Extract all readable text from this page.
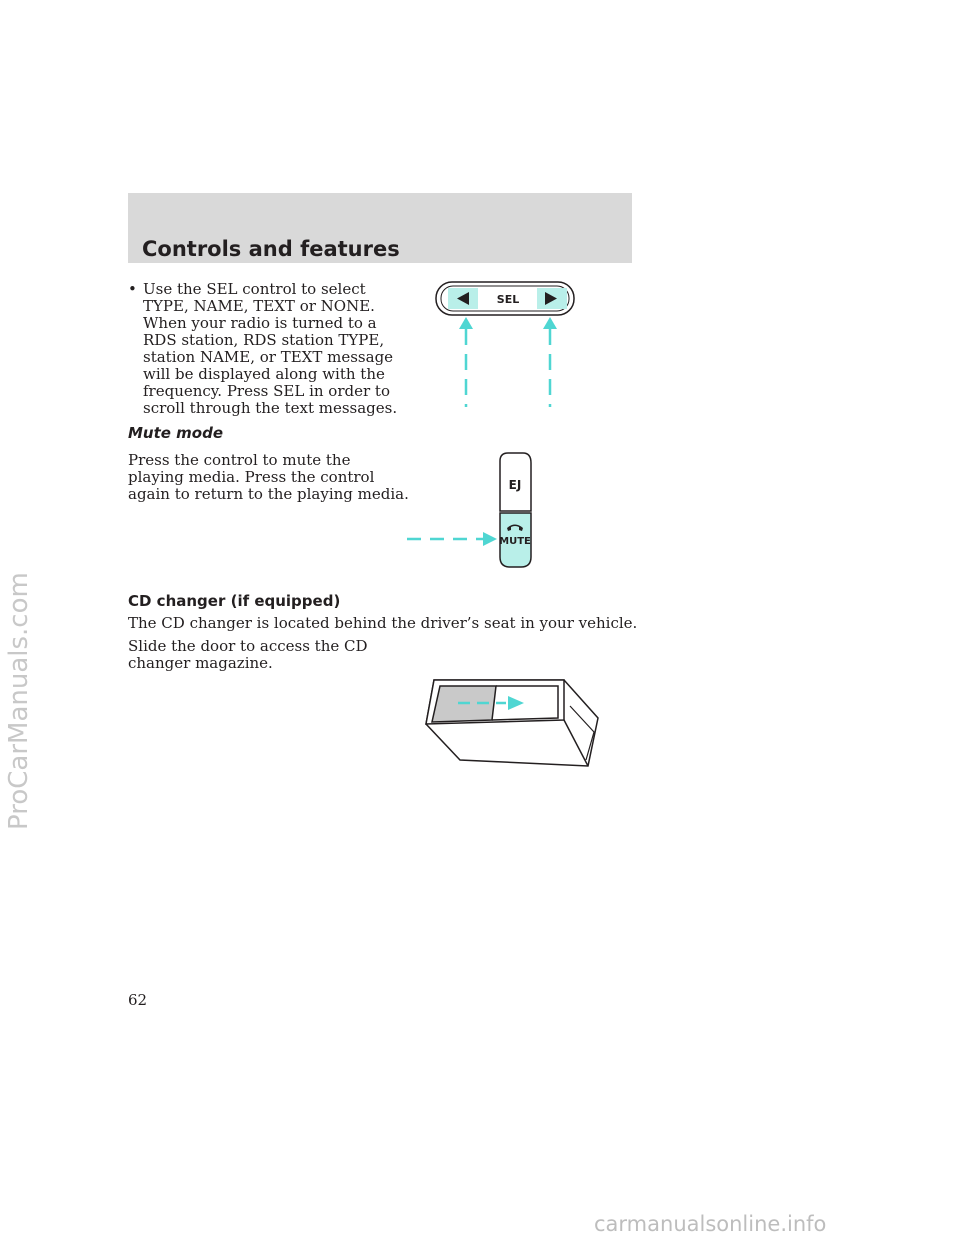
Controls and features
• Use the SEL control to select
TYPE, NAME, TEXT or NONE.
When your radio is turned to a
RDS station, RDS station TYPE,
station NAME, or TEXT message
will be displayed along with the
frequency. Press SEL in order to
scroll through the text messages.
SEL
Mute mode
Press the control to mute the
playing media. Press the control
again to return to the playing media.	EJ
MUTE
CD changer (if equipped)
The CD changer is located behind the driver’s seat in your vehicle.
Slide the door to access the CD
changer magazine.
62
ProCarManuals.com
carmanualsonline.info
